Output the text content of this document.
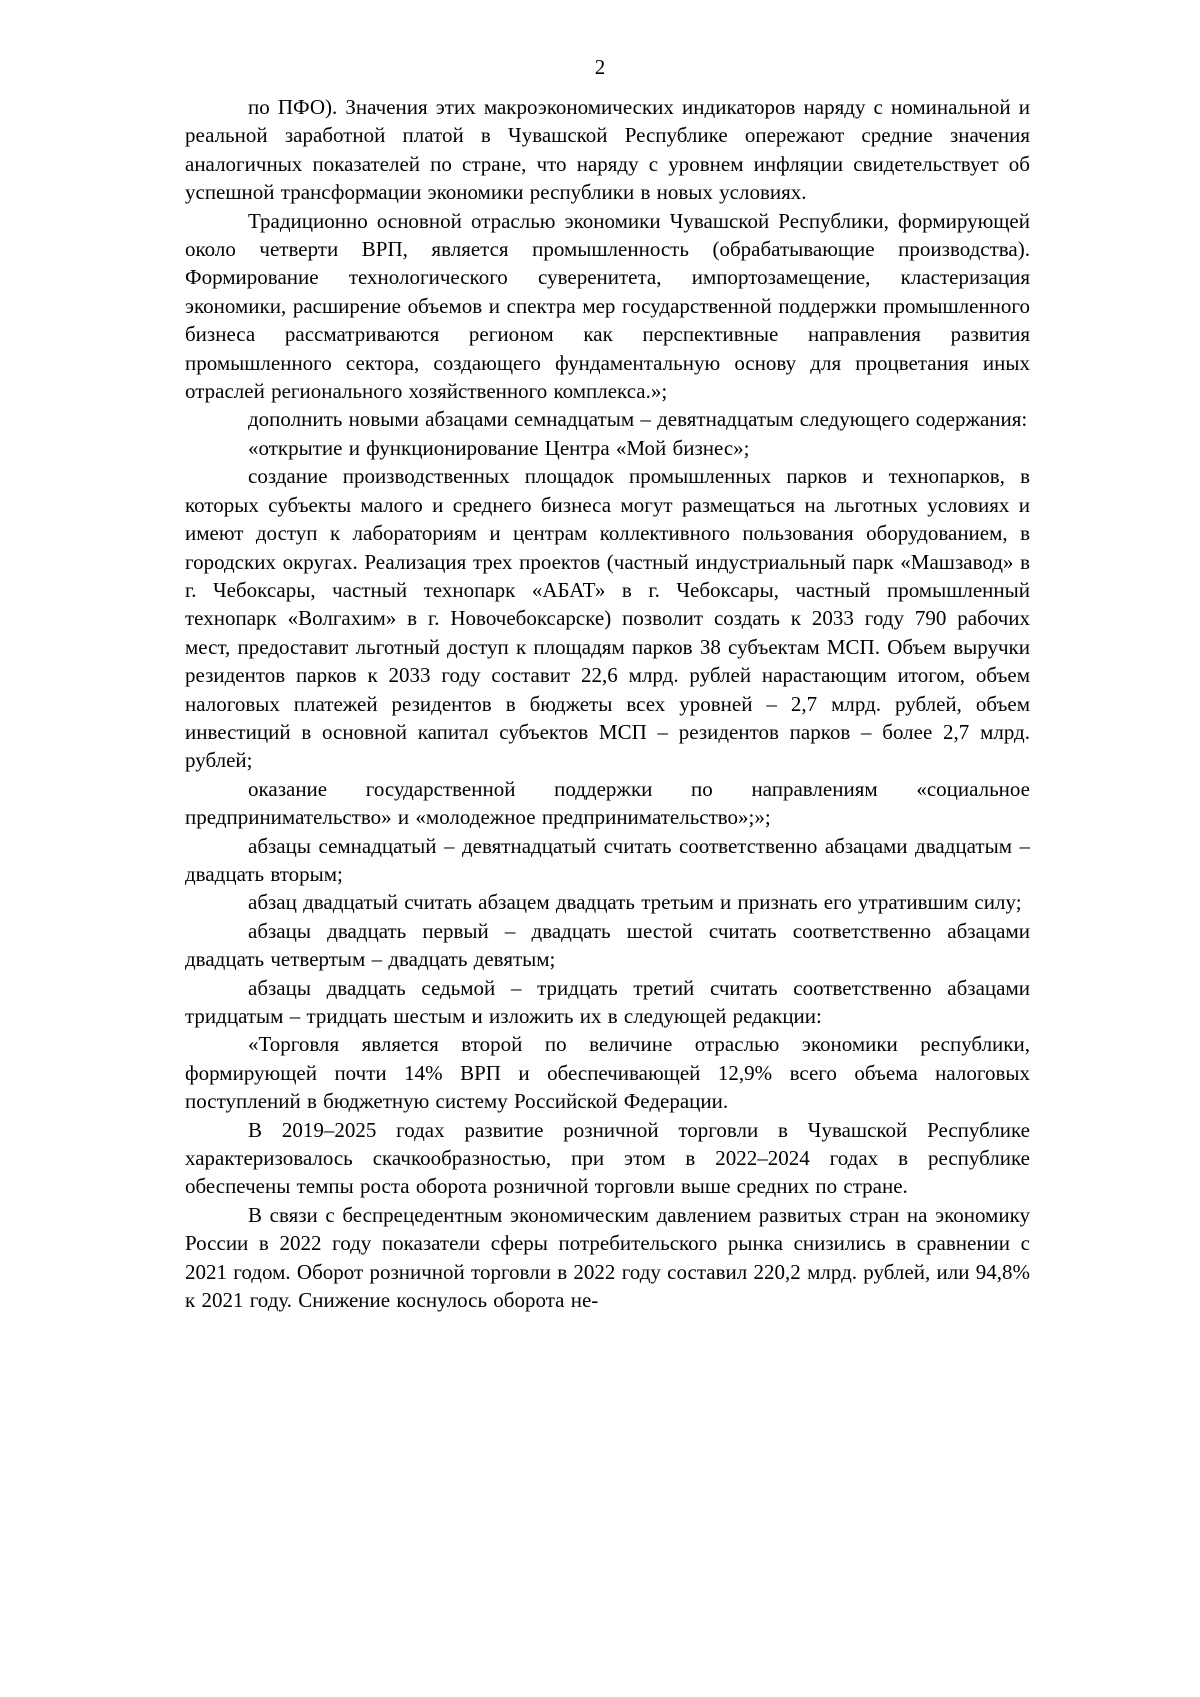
2

по ПФО). Значения этих макроэкономических индикаторов наряду с номинальной и реальной заработной платой в Чувашской Республике опережают средние значения аналогичных показателей по стране, что наряду с уровнем инфляции свидетельствует об успешной трансформации экономики республики в новых условиях.

Традиционно основной отраслью экономики Чувашской Республики, формирующей около четверти ВРП, является промышленность (обрабатывающие производства). Формирование технологического суверенитета, импортозамещение, кластеризация экономики, расширение объемов и спектра мер государственной поддержки промышленного бизнеса рассматриваются регионом как перспективные направления развития промышленного сектора, создающего фундаментальную основу для процветания иных отраслей регионального хозяйственного комплекса.»;

дополнить новыми абзацами семнадцатым – девятнадцатым следующего содержания:

«открытие и функционирование Центра «Мой бизнес»;

создание производственных площадок промышленных парков и технопарков, в которых субъекты малого и среднего бизнеса могут размещаться на льготных условиях и имеют доступ к лабораториям и центрам коллективного пользования оборудованием, в городских округах. Реализация трех проектов (частный индустриальный парк «Машзавод» в г. Чебоксары, частный технопарк «АБАТ» в г. Чебоксары, частный промышленный технопарк «Волгахим» в г. Новочебоксарске) позволит создать к 2033 году 790 рабочих мест, предоставит льготный доступ к площадям парков 38 субъектам МСП. Объем выручки резидентов парков к 2033 году составит 22,6 млрд. рублей нарастающим итогом, объем налоговых платежей резидентов в бюджеты всех уровней – 2,7 млрд. рублей, объем инвестиций в основной капитал субъектов МСП – резидентов парков – более 2,7 млрд. рублей;

оказание государственной поддержки по направлениям «социальное предпринимательство» и «молодежное предпринимательство»;»;

абзацы семнадцатый – девятнадцатый считать соответственно абзацами двадцатым – двадцать вторым;

абзац двадцатый считать абзацем двадцать третьим и признать его утратившим силу;

абзацы двадцать первый – двадцать шестой считать соответственно абзацами двадцать четвертым – двадцать девятым;

абзацы двадцать седьмой – тридцать третий считать соответственно абзацами тридцатым – тридцать шестым и изложить их в следующей редакции:

«Торговля является второй по величине отраслью экономики республики, формирующей почти 14% ВРП и обеспечивающей 12,9% всего объема налоговых поступлений в бюджетную систему Российской Федерации.

В 2019–2025 годах развитие розничной торговли в Чувашской Республике характеризовалось скачкообразностью, при этом в 2022–2024 годах в республике обеспечены темпы роста оборота розничной торговли выше средних по стране.

В связи с беспрецедентным экономическим давлением развитых стран на экономику России в 2022 году показатели сферы потребительского рынка снизились в сравнении с 2021 годом. Оборот розничной торговли в 2022 году составил 220,2 млрд. рублей, или 94,8% к 2021 году. Снижение коснулось оборота не-
